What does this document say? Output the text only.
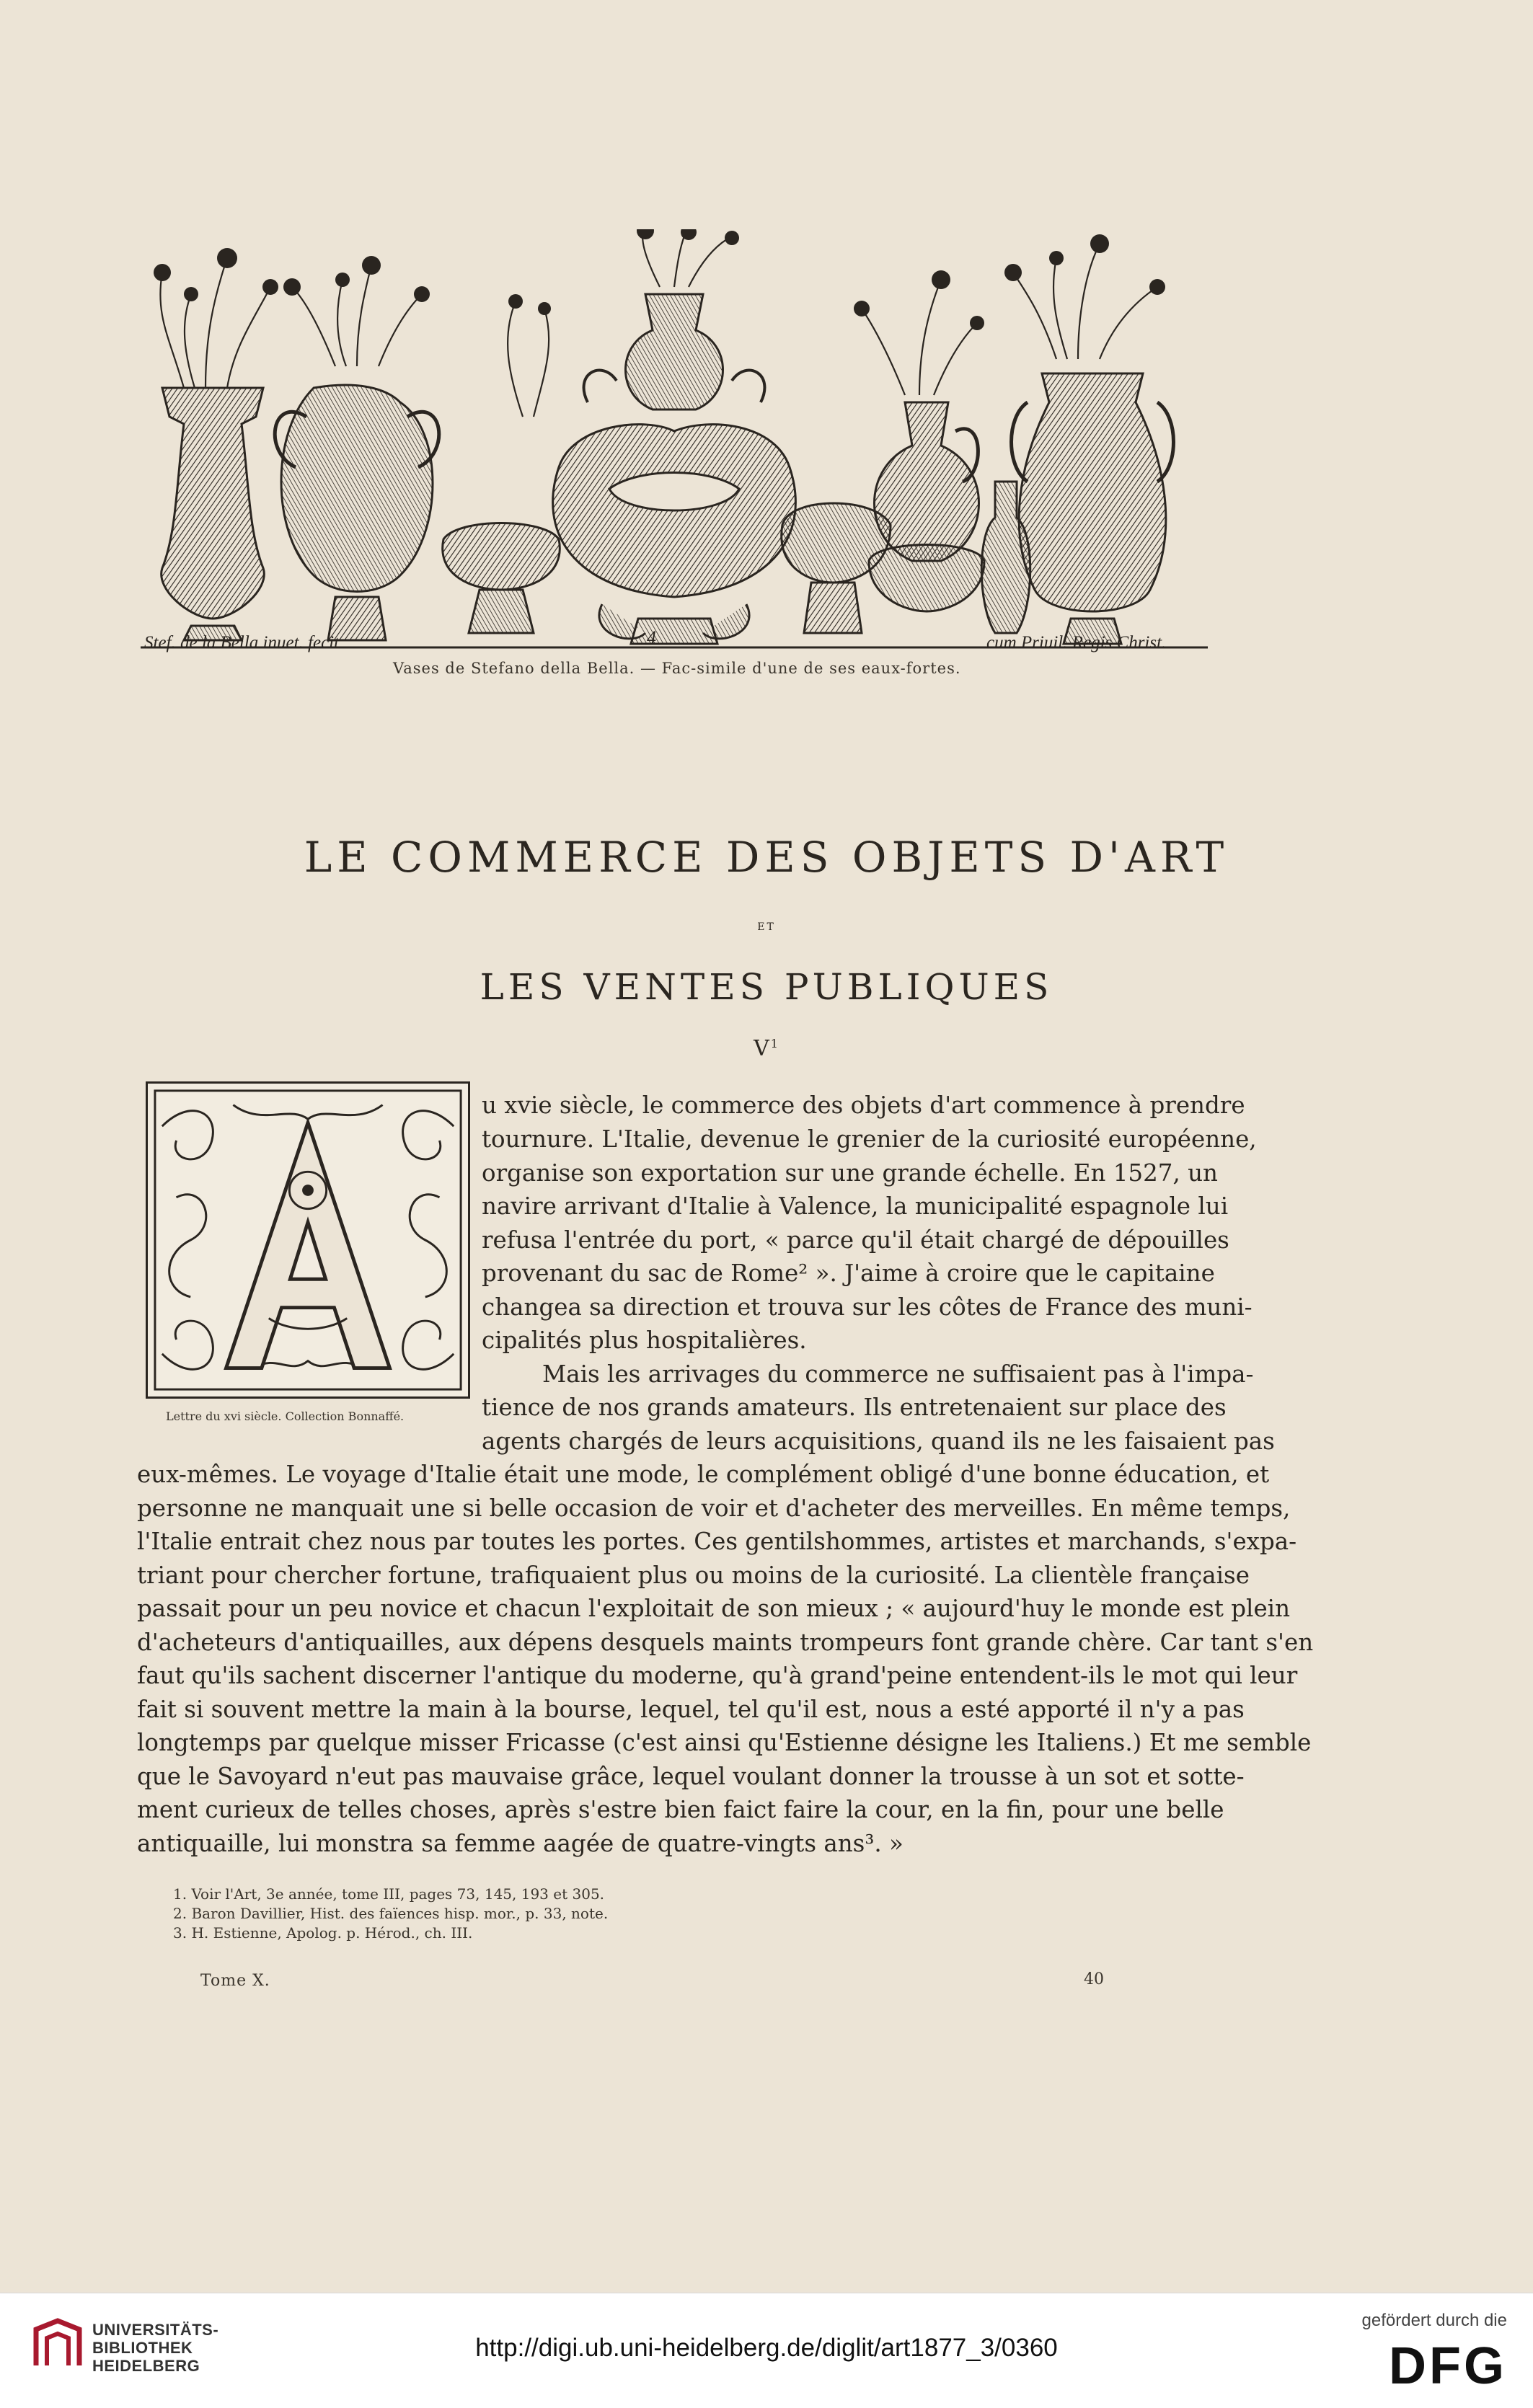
Stef. de la Bella inuet. fecit	4	cum Priuil. Regis Christ.
Vases de Stefano della Bella. — Fac-simile d'une de ses eaux-fortes.
LE COMMERCE DES OBJETS D'ART
ET
LES VENTES PUBLIQUES
$V^1$
Lettre du xvi siècle. Collection Bonnaffé.
u xvie siècle, le commerce des objets d'art commence à prendre
tournure. L'Italie, devenue le grenier de la curiosité européenne,
organise son exportation sur une grande échelle. En 1527, un
navire arrivant d'Italie à Valence, la municipalité espagnole lui
refusa l'entrée du port, « parce qu'il était chargé de dépouilles
provenant du sac de Rome² ». J'aime à croire que le capitaine
changea sa direction et trouva sur les côtes de France des muni-
cipalités plus hospitalières.
Mais les arrivages du commerce ne suffisaient pas à l'impa-
tience de nos grands amateurs. Ils entretenaient sur place des
agents chargés de leurs acquisitions, quand ils ne les faisaient pas
eux-mêmes. Le voyage d'Italie était une mode, le complément obligé d'une bonne éducation, et
personne ne manquait une si belle occasion de voir et d'acheter des merveilles. En même temps,
l'Italie entrait chez nous par toutes les portes. Ces gentilshommes, artistes et marchands, s'expa-
triant pour chercher fortune, trafiquaient plus ou moins de la curiosité. La clientèle française
passait pour un peu novice et chacun l'exploitait de son mieux ; « aujourd'huy le monde est plein
d'acheteurs d'antiquailles, aux dépens desquels maints trompeurs font grande chère. Car tant s'en
faut qu'ils sachent discerner l'antique du moderne, qu'à grand'peine entendent-ils le mot qui leur
fait si souvent mettre la main à la bourse, lequel, tel qu'il est, nous a esté apporté il n'y a pas
longtemps par quelque misser Fricasse (c'est ainsi qu'Estienne désigne les Italiens.) Et me semble
que le Savoyard n'eut pas mauvaise grâce, lequel voulant donner la trousse à un sot et sotte-
ment curieux de telles choses, après s'estre bien faict faire la cour, en la fin, pour une belle
antiquaille, lui monstra sa femme aagée de quatre-vingts ans³. »
1. Voir l'Art, 3e année, tome III, pages 73, 145, 193 et 305.
2. Baron Davillier, Hist. des faïences hisp. mor., p. 33, note.
3. H. Estienne, Apolog. p. Hérod., ch. III.
Tome X.	40
UNIVERSITÄTS-
BIBLIOTHEK
HEIDELBERG
http://digi.ub.uni-heidelberg.de/diglit/art1877_3/0360
gefördert durch die
DFG
